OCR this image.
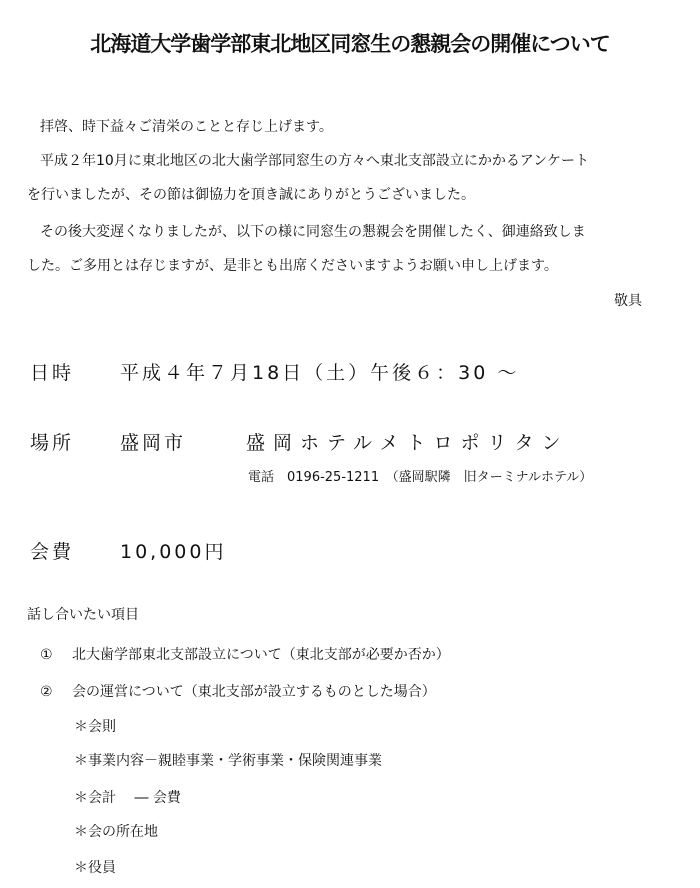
北海道大学歯学部東北地区同窓生の懇親会の開催について
拝啓、時下益々ご清栄のことと存じ上げます。
平成２年10月に東北地区の北大歯学部同窓生の方々へ東北支部設立にかかるアンケート
を行いましたが、その節は御協力を頂き誠にありがとうございました。
その後大変遅くなりましたが、以下の様に同窓生の懇親会を開催したく、御連絡致しま
した。ご多用とは存じますが、是非とも出席くださいますようお願い申し上げます。
敬具
日時 平成４年７月18日（土）午後６：30 ～
場所 盛岡市	盛岡ホテルメトロポリタン
電話　0196-25-1211　（盛岡駅隣　旧ターミナルホテル）
会費 10,000円
話し合いたい項目
① 北大歯学部東北支部設立について（東北支部が必要か否か）
② 会の運営について（東北支部が設立するものとした場合）
＊会則
＊事業内容－親睦事業・学術事業・保険関連事業
＊会計　 ― 会費
＊会の所在地
＊役員
